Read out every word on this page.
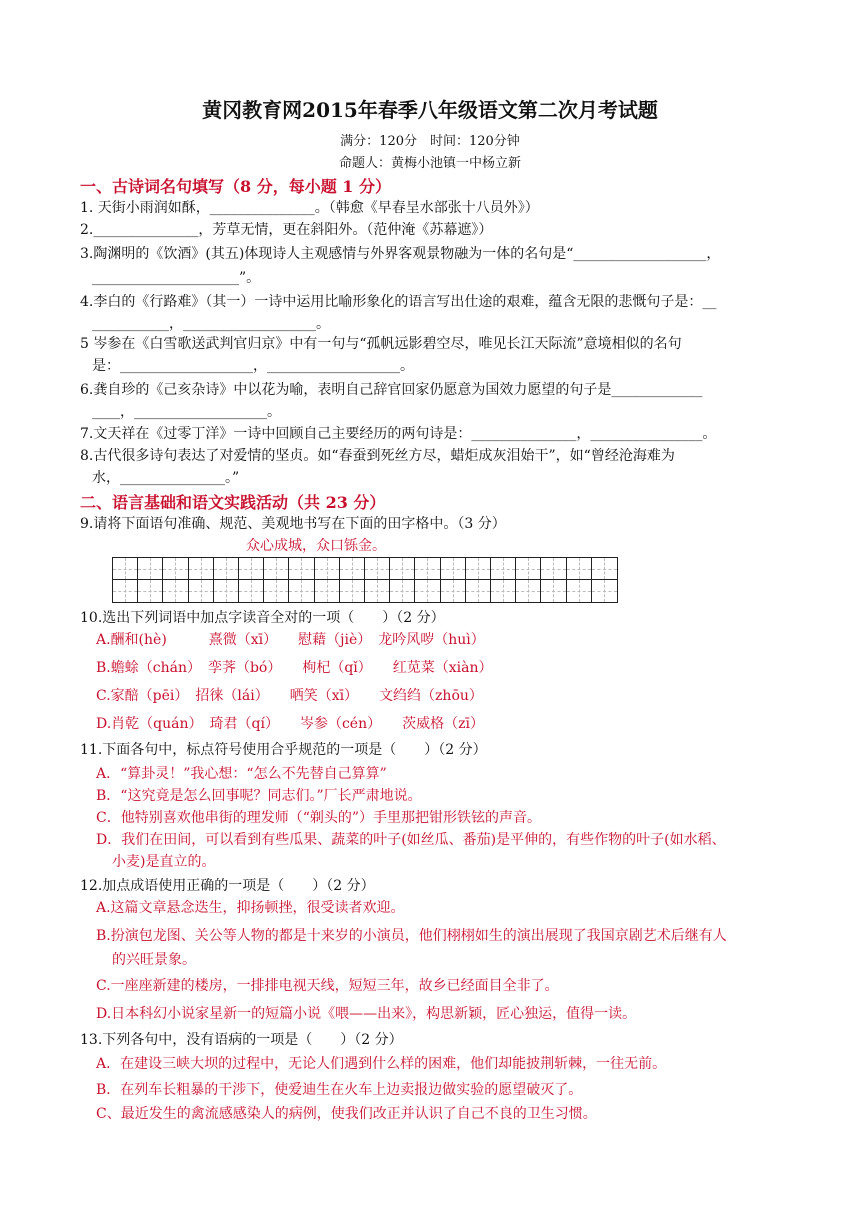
黄冈教育网2015年春季八年级语文第二次月考试题
满分：120分　时间：120分钟
命题人：黄梅小池镇一中杨立新
一、古诗词名句填写（8 分，每小题 1 分）
1. 天街小雨润如酥，_______________。（韩愈《早春呈水部张十八员外》）
2._______________，芳草无情，更在斜阳外。（范仲淹《苏幕遮》）
3.陶渊明的《饮酒》(其五)体现诗人主观感情与外界客观景物融为一体的名句是“___________________，
_____________________”。
4.李白的《行路难》（其一）一诗中运用比喻形象化的语言写出仕途的艰难，蕴含无限的悲慨句子是：__
___________，___________________。
5 岑参在《白雪歌送武判官归京》中有一句与“孤帆远影碧空尽，唯见长江天际流”意境相似的名句
是：___________________，___________________。
6.龚自珍的《己亥杂诗》中以花为喻，表明自己辞官回家仍愿意为国效力愿望的句子是_____________
____，___________________。
7.文天祥在《过零丁洋》一诗中回顾自己主要经历的两句诗是：_______________，________________。
8.古代很多诗句表达了对爱情的坚贞。如“春蚕到死丝方尽，蜡炬成灰泪始干”，如“曾经沧海难为
水，_______________。”
二、语言基础和语文实践活动（共 23 分）
9.请将下面语句准确、规范、美观地书写在下面的田字格中。（3 分）
众心成城，众口铄金。
10.选出下列词语中加点字读音全对的一项（　　）（2 分）
A.酬和(hè)　　　熹微（xī）　　慰藉（jiè）　龙吟风哕（huì）
B.蟾蜍（chán）　孪荠（bó）　　枸杞（qǐ）　　红苋菜（xiàn）
C.家醅（pēi）　招徕（lái）　　哂笑（xī）　　文绉绉（zhōu）
D.肖乾（quán）　琦君（qí）　　岑参（cén）　　茨威格（zī）
11.下面各句中，标点符号使用合乎规范的一项是（　　）（2 分）
A．“算卦灵！”我心想：“怎么不先替自己算算”
B．“这究竟是怎么回事呢？同志们。”厂长严肃地说。
C．他特别喜欢他串街的理发师（“剃头的”）手里那把钳形铁铉的声音。
D．我们在田间，可以看到有些瓜果、蔬菜的叶子(如丝瓜、番茄)是平伸的，有些作物的叶子(如水稻、
小麦)是直立的。
12.加点成语使用正确的一项是（　　）（2 分）
A.这篇文章悬念迭生，抑扬顿挫，很受读者欢迎。
B.扮演包龙图、关公等人物的都是十来岁的小演员，他们栩栩如生的演出展现了我国京剧艺术后继有人
的兴旺景象。
C.一座座新建的楼房，一排排电视天线，短短三年，故乡已经面目全非了。
D.日本科幻小说家星新一的短篇小说《喂——出来》，构思新颖，匠心独运，值得一读。
13.下列各句中，没有语病的一项是（　　）（2 分）
A．在建设三峡大坝的过程中，无论人们遇到什么样的困难，他们却能披荆斩棘，一往无前。
B．在列车长粗暴的干涉下，使爱迪生在火车上边卖报边做实验的愿望破灭了。
C、最近发生的禽流感感染人的病例，使我们改正并认识了自己不良的卫生习惯。
